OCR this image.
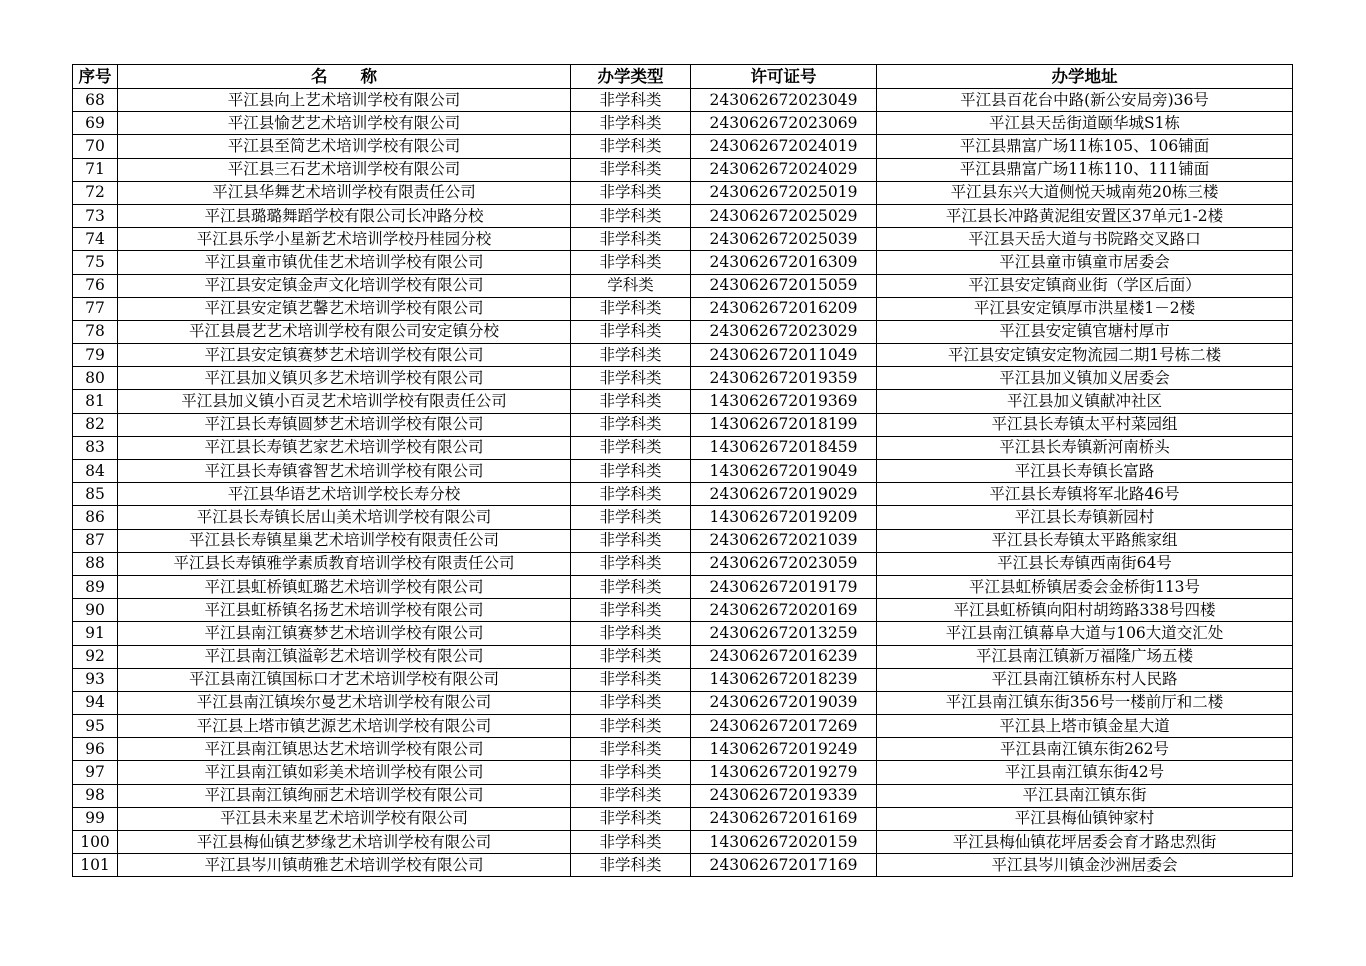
序号	名　　称	办学类型	许可证号	办学地址
68	平江县向上艺术培训学校有限公司	非学科类	243062672023049	平江县百花台中路(新公安局旁)36号
69	平江县愉艺艺术培训学校有限公司	非学科类	243062672023069	平江县天岳街道颐华城S1栋
70	平江县至简艺术培训学校有限公司	非学科类	243062672024019	平江县鼎富广场11栋105、106铺面
71	平江县三石艺术培训学校有限公司	非学科类	243062672024029	平江县鼎富广场11栋110、111铺面
72	平江县华舞艺术培训学校有限责任公司	非学科类	243062672025019	平江县东兴大道侧悦天城南苑20栋三楼
73	平江县璐璐舞蹈学校有限公司长冲路分校	非学科类	243062672025029	平江县长冲路黄泥组安置区37单元1-2楼
74	平江县乐学小星新艺术培训学校丹桂园分校	非学科类	243062672025039	平江县天岳大道与书院路交叉路口
75	平江县童市镇优佳艺术培训学校有限公司	非学科类	243062672016309	平江县童市镇童市居委会
76	平江县安定镇金声文化培训学校有限公司	学科类	243062672015059	平江县安定镇商业街（学区后面）
77	平江县安定镇艺馨艺术培训学校有限公司	非学科类	243062672016209	平江县安定镇厚市洪星楼1－2楼
78	平江县晨艺艺术培训学校有限公司安定镇分校	非学科类	243062672023029	平江县安定镇官塘村厚市
79	平江县安定镇赛梦艺术培训学校有限公司	非学科类	243062672011049	平江县安定镇安定物流园二期1号栋二楼
80	平江县加义镇贝多艺术培训学校有限公司	非学科类	243062672019359	平江县加义镇加义居委会
81	平江县加义镇小百灵艺术培训学校有限责任公司	非学科类	143062672019369	平江县加义镇献冲社区
82	平江县长寿镇圆梦艺术培训学校有限公司	非学科类	143062672018199	平江县长寿镇太平村菜园组
83	平江县长寿镇艺家艺术培训学校有限公司	非学科类	143062672018459	平江县长寿镇新河南桥头
84	平江县长寿镇睿智艺术培训学校有限公司	非学科类	143062672019049	平江县长寿镇长富路
85	平江县华语艺术培训学校长寿分校	非学科类	243062672019029	平江县长寿镇将军北路46号
86	平江县长寿镇长居山美术培训学校有限公司	非学科类	143062672019209	平江县长寿镇新园村
87	平江县长寿镇星巢艺术培训学校有限责任公司	非学科类	243062672021039	平江县长寿镇太平路熊家组
88	平江县长寿镇雅学素质教育培训学校有限责任公司	非学科类	243062672023059	平江县长寿镇西南街64号
89	平江县虹桥镇虹璐艺术培训学校有限公司	非学科类	243062672019179	平江县虹桥镇居委会金桥街113号
90	平江县虹桥镇名扬艺术培训学校有限公司	非学科类	243062672020169	平江县虹桥镇向阳村胡筠路338号四楼
91	平江县南江镇赛梦艺术培训学校有限公司	非学科类	243062672013259	平江县南江镇幕阜大道与106大道交汇处
92	平江县南江镇溢彰艺术培训学校有限公司	非学科类	243062672016239	平江县南江镇新万福隆广场五楼
93	平江县南江镇国标口才艺术培训学校有限公司	非学科类	143062672018239	平江县南江镇桥东村人民路
94	平江县南江镇埃尔曼艺术培训学校有限公司	非学科类	243062672019039	平江县南江镇东街356号一楼前厅和二楼
95	平江县上塔市镇艺源艺术培训学校有限公司	非学科类	243062672017269	平江县上塔市镇金星大道
96	平江县南江镇思达艺术培训学校有限公司	非学科类	143062672019249	平江县南江镇东街262号
97	平江县南江镇如彩美术培训学校有限公司	非学科类	143062672019279	平江县南江镇东街42号
98	平江县南江镇绚丽艺术培训学校有限公司	非学科类	243062672019339	平江县南江镇东街
99	平江县未来星艺术培训学校有限公司	非学科类	243062672016169	平江县梅仙镇钟家村
100	平江县梅仙镇艺梦缘艺术培训学校有限公司	非学科类	143062672020159	平江县梅仙镇花坪居委会育才路忠烈街
101	平江县岑川镇萌雅艺术培训学校有限公司	非学科类	243062672017169	平江县岑川镇金沙洲居委会
